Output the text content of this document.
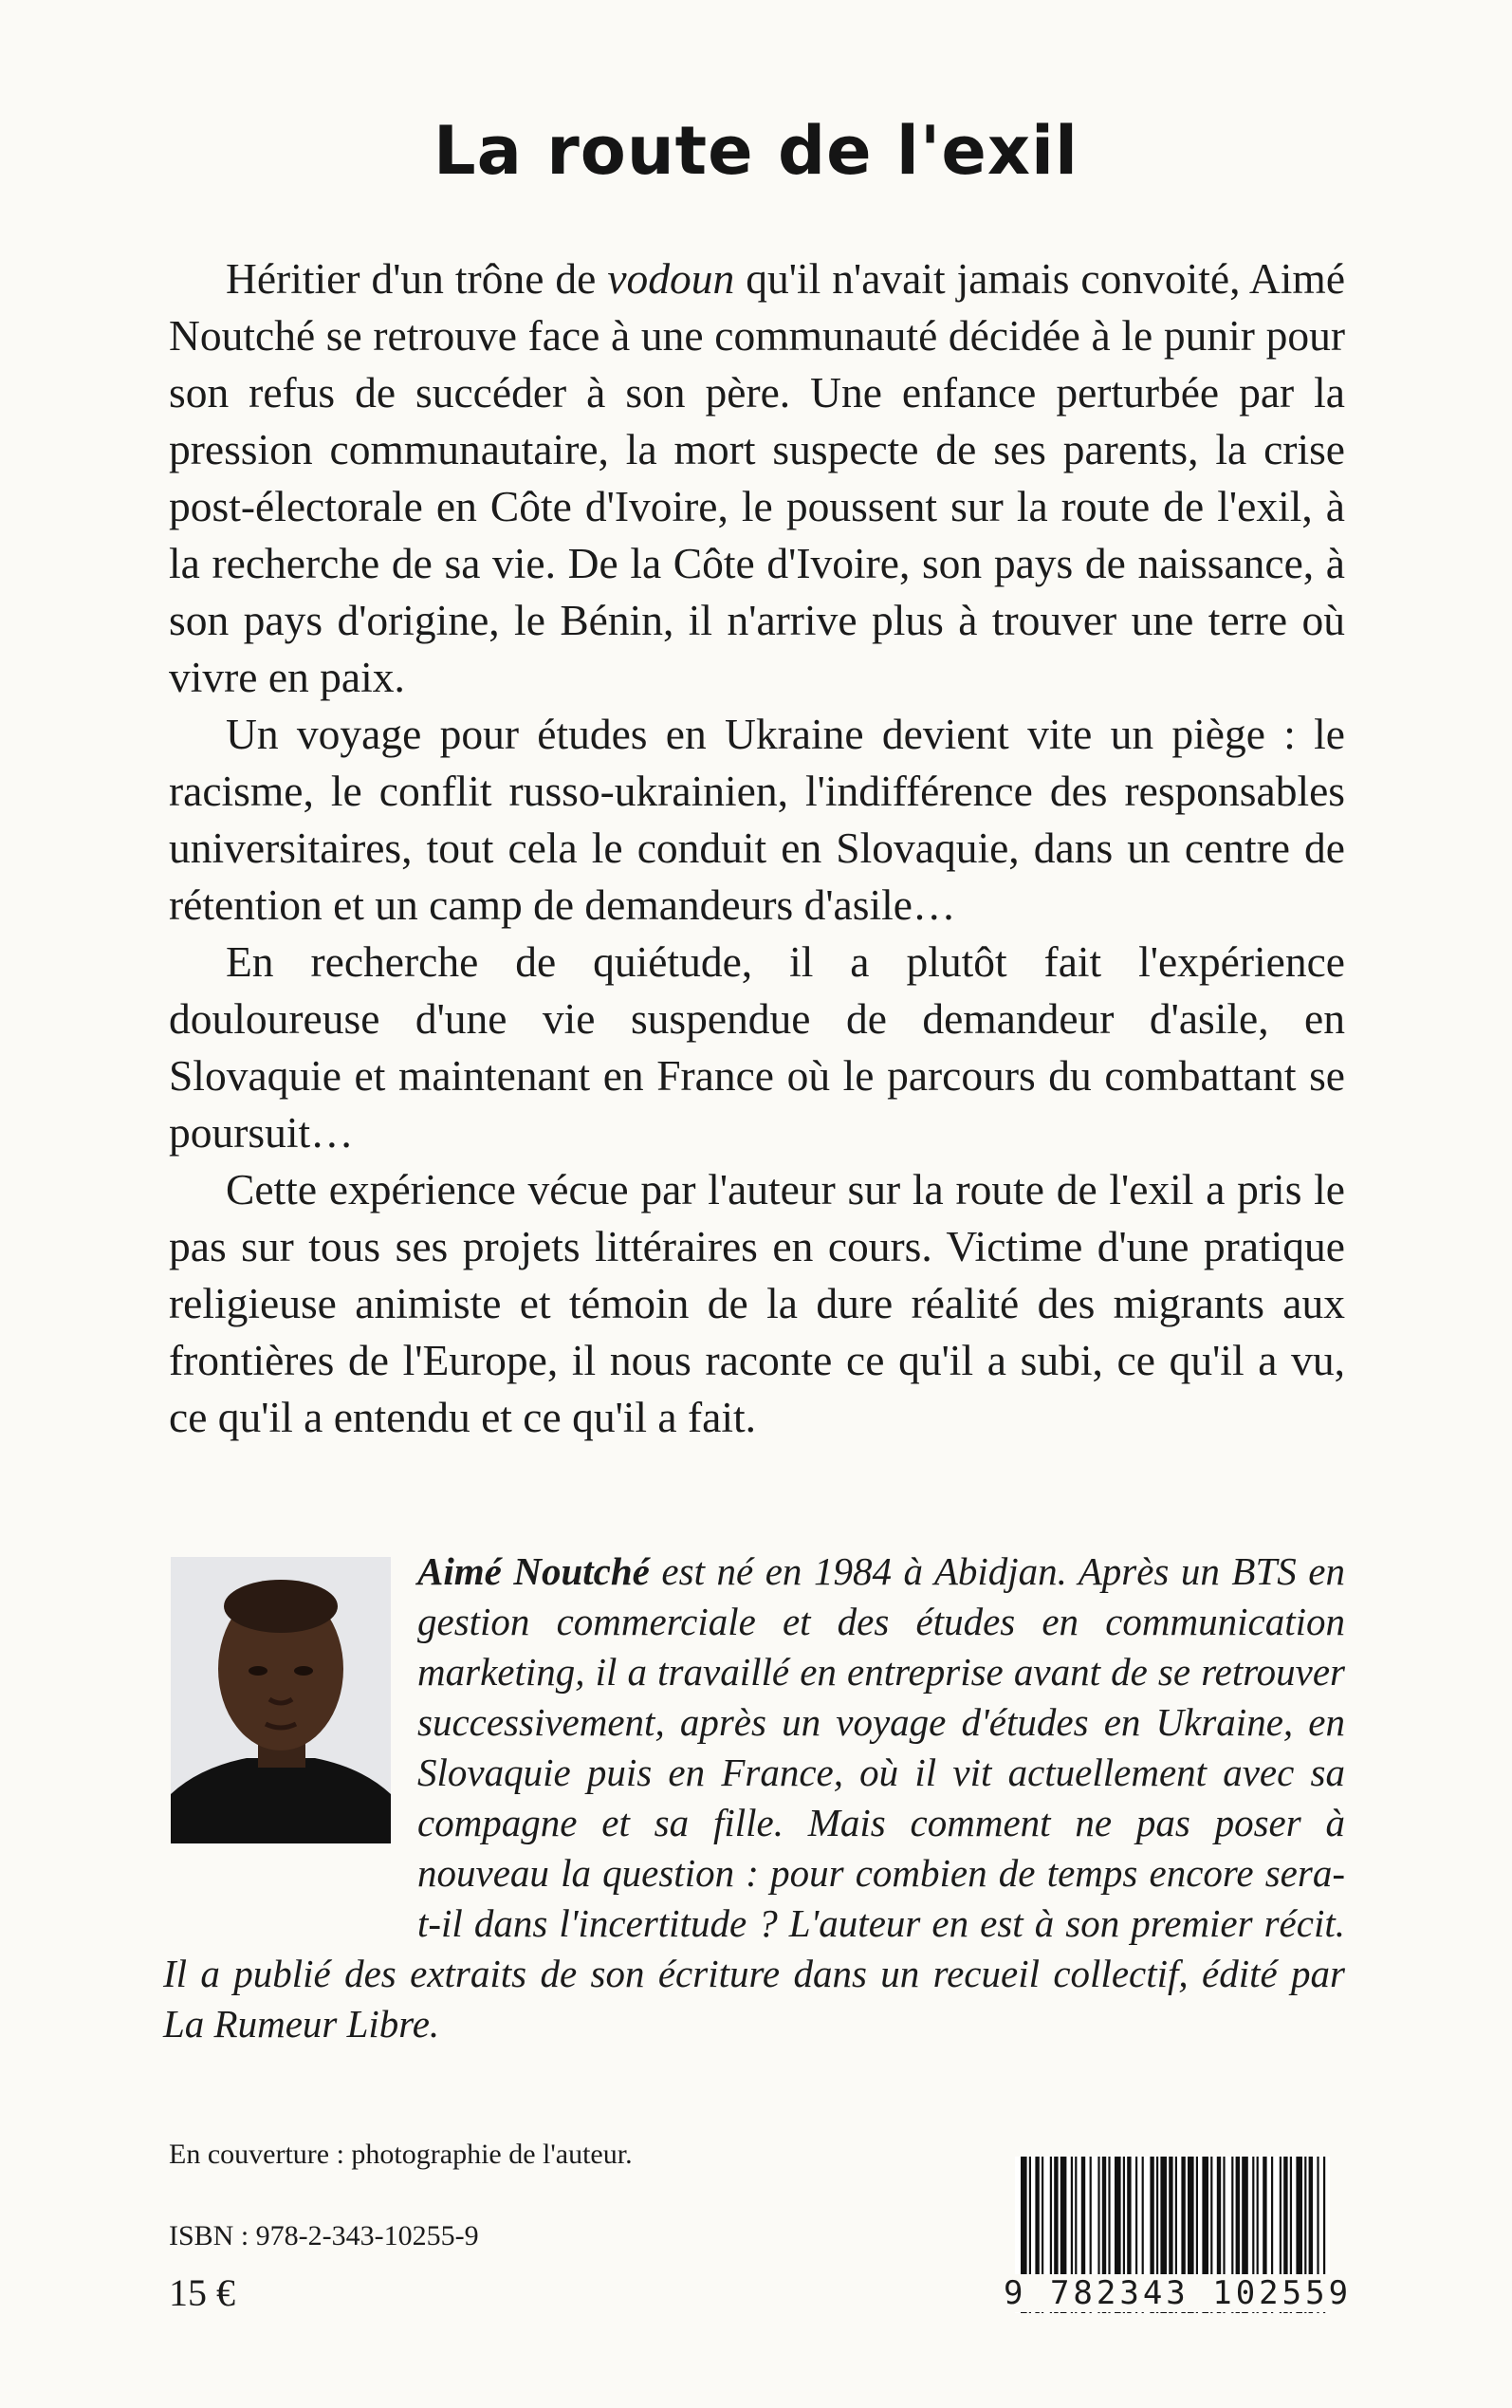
La route de l'exil

Héritier d'un trône de vodoun qu'il n'avait jamais convoité, Aimé Noutché se retrouve face à une communauté décidée à le punir pour son refus de succéder à son père. Une enfance perturbée par la pression communautaire, la mort suspecte de ses parents, la crise post-électorale en Côte d'Ivoire, le poussent sur la route de l'exil, à la recherche de sa vie. De la Côte d'Ivoire, son pays de naissance, à son pays d'origine, le Bénin, il n'arrive plus à trouver une terre où vivre en paix.

Un voyage pour études en Ukraine devient vite un piège : le racisme, le conflit russo-ukrainien, l'indifférence des responsables universitaires, tout cela le conduit en Slovaquie, dans un centre de rétention et un camp de demandeurs d'asile…

En recherche de quiétude, il a plutôt fait l'expérience douloureuse d'une vie suspendue de demandeur d'asile, en Slovaquie et maintenant en France où le parcours du combattant se poursuit…

Cette expérience vécue par l'auteur sur la route de l'exil a pris le pas sur tous ses projets littéraires en cours. Victime d'une pratique religieuse animiste et témoin de la dure réalité des migrants aux frontières de l'Europe, il nous raconte ce qu'il a subi, ce qu'il a vu, ce qu'il a entendu et ce qu'il a fait.

Aimé Noutché est né en 1984 à Abidjan. Après un BTS en gestion commerciale et des études en communication marketing, il a travaillé en entreprise avant de se retrouver successivement, après un voyage d'études en Ukraine, en Slovaquie puis en France, où il vit actuellement avec sa compagne et sa fille. Mais comment ne pas poser à nouveau la question : pour combien de temps encore sera-t-il dans l'incertitude ? L'auteur en est à son premier récit. Il a publié des extraits de son écriture dans un recueil collectif, édité par La Rumeur Libre.
En couverture : photographie de l'auteur.
ISBN : 978-2-343-10255-9
15 €	9 782343 102559
